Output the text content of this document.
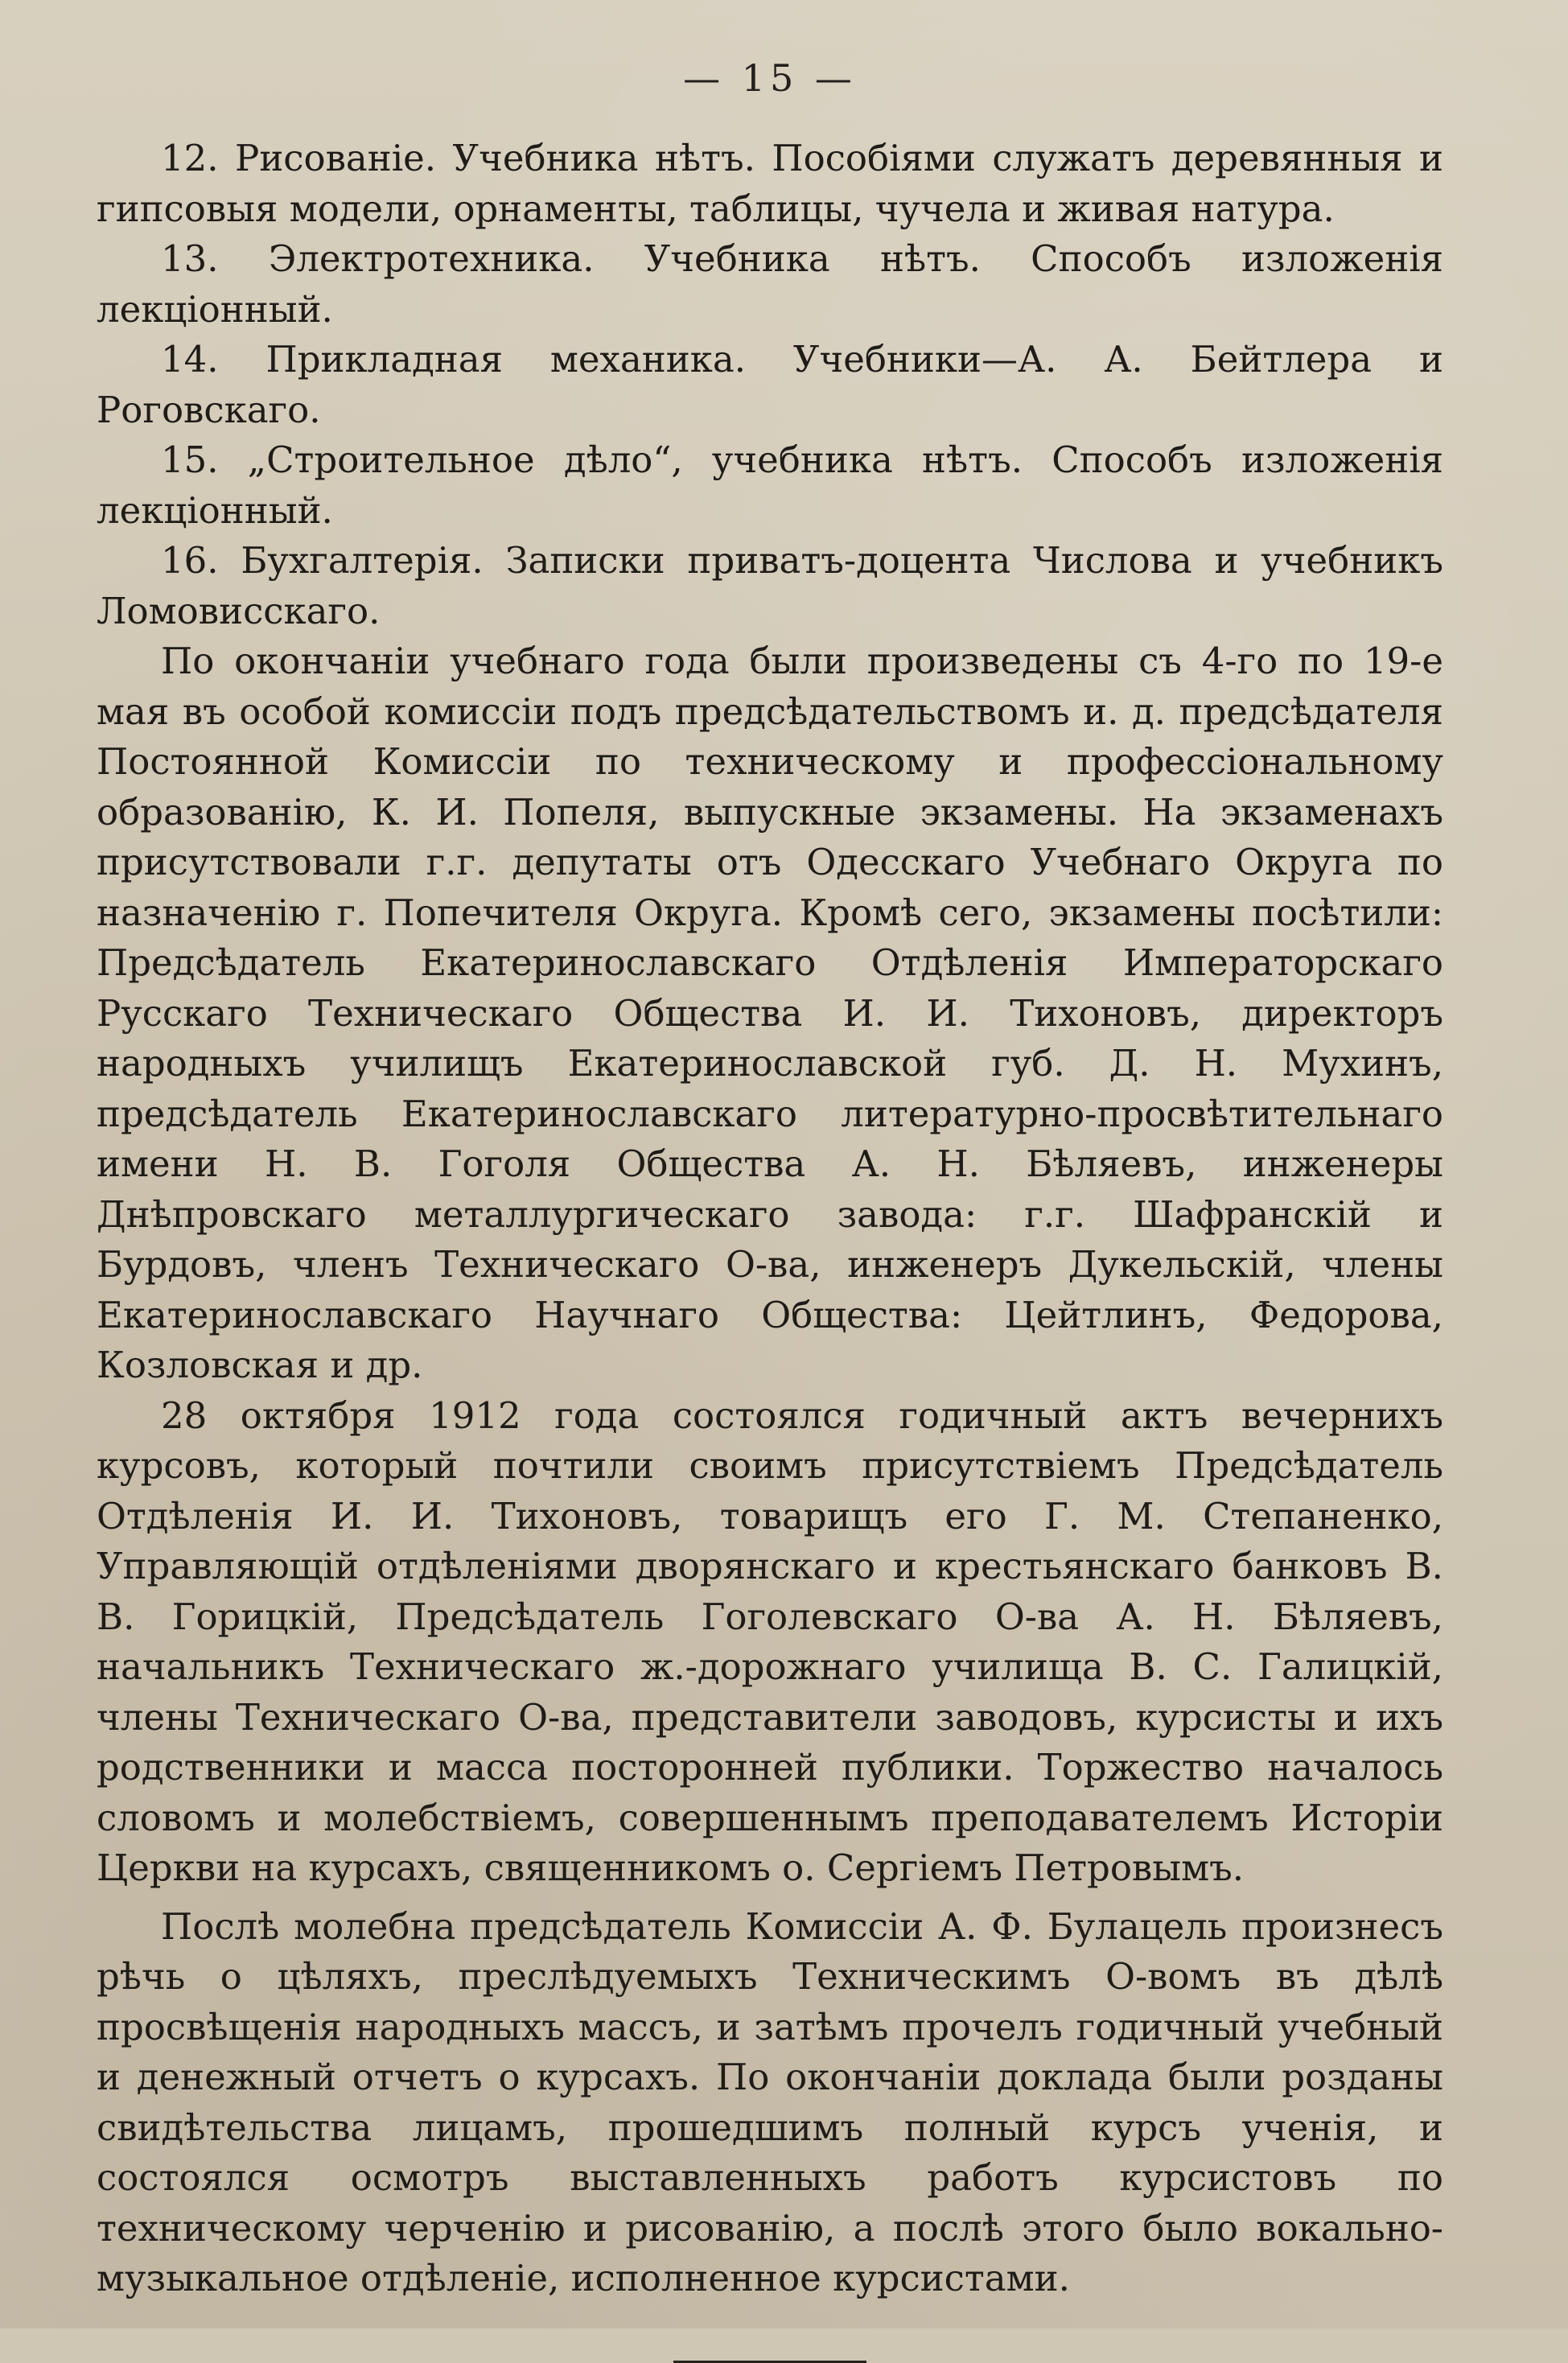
— 15 —

12. Рисованіе. Учебника нѣтъ. Пособіями служатъ деревянныя и гипсовыя модели, орнаменты, таблицы, чучела и живая натура.

13. Электротехника. Учебника нѣтъ. Способъ изложенія лекціонный.

14. Прикладная механика. Учебники—А. А. Бейтлера и Роговскаго.

15. „Строительное дѣло“, учебника нѣтъ. Способъ изложенія лекціонный.

16. Бухгалтерія. Записки привaтъ-доцента Числова и учебникъ Ломовисскаго.

По окончаніи учебнаго года были произведены съ 4-го по 19-е мая въ особой комиссіи подъ предсѣдательствомъ и. д. предсѣдателя Постоянной Комиссіи по техническому и профессіональному образованію, К. И. Попеля, выпускные экзамены. На экзаменахъ присутствовали г.г. депутаты отъ Одесскаго Учебнаго Округа по назначенію г. Попечителя Округа. Кромѣ сего, экзамены посѣтили: Предсѣдатель Екатеринославскаго Отдѣленія Императорскаго Русскаго Техническаго Общества И. И. Тихоновъ, директоръ народныхъ училищъ Екатеринославской губ. Д. Н. Мухинъ, предсѣдатель Екатеринославскаго литературно-просвѣтительнаго имени Н. В. Гоголя Общества А. Н. Бѣляевъ, инженеры Днѣпровскаго металлургическаго завода: г.г. Шафранскій и Бурдовъ, членъ Техническаго О-ва, инженеръ Дукельскій, члены Екатеринославскаго Научнаго Общества: Цейтлинъ, Федорова, Козловская и др.

28 октября 1912 года состоялся годичный актъ вечернихъ курсовъ, который почтили своимъ присутствіемъ Предсѣдатель Отдѣленія И. И. Тихоновъ, товарищъ его Г. М. Степаненко, Управляющій отдѣленіями дворянскаго и крестьянскаго банковъ В. В. Горицкій, Предсѣдатель Гоголевскаго О-ва А. Н. Бѣляевъ, начальникъ Техническаго ж.-дорожнаго училища В. С. Галицкій, члены Техническаго О-ва, представители заводовъ, курсисты и ихъ родственники и масса посторонней публики. Торжество началось словомъ и молебствіемъ, совершеннымъ преподавателемъ Исторіи Церкви на курсахъ, священникомъ о. Сергіемъ Петровымъ.

Послѣ молебна предсѣдатель Комиссіи А. Ф. Булацель произнесъ рѣчь о цѣляхъ, преслѣдуемыхъ Техническимъ О-вомъ въ дѣлѣ просвѣщенія народныхъ массъ, и затѣмъ прочелъ годичный учебный и денежный отчетъ о курсахъ. По окончаніи доклада были розданы свидѣтельства лицамъ, прошедшимъ полный курсъ ученія, и состоялся осмотръ выставленныхъ работъ курсистовъ по техническому черченію и рисованію, а послѣ этого было вокально-музыкальное отдѣленіе, исполненное курсистами.
